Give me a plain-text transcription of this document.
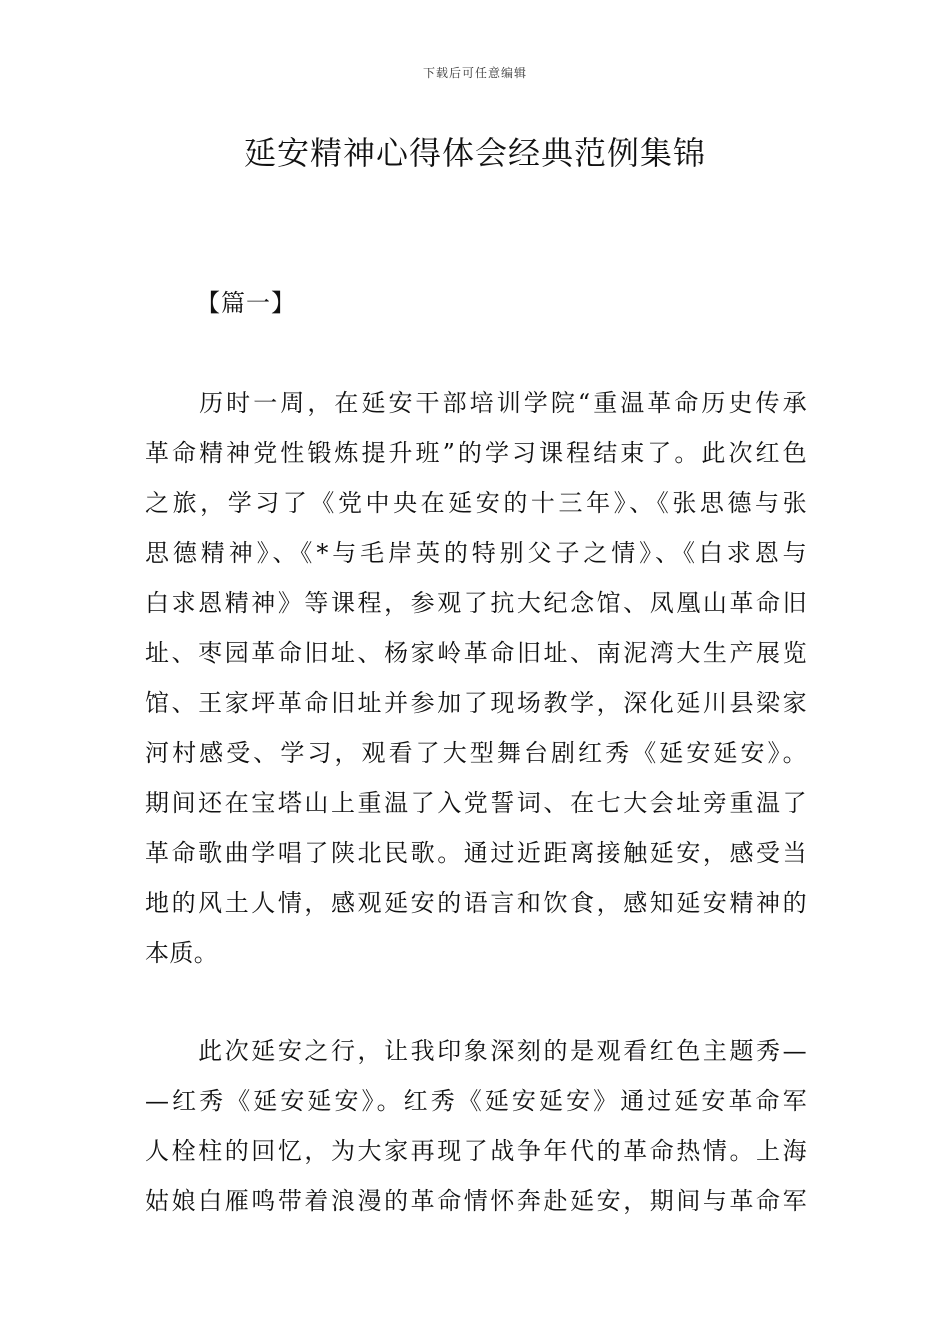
下载后可任意编辑
延安精神心得体会经典范例集锦
【篇一】
　　历时一周，在延安干部培训学院“重温革命历史传承
革命精神党性锻炼提升班”的学习课程结束了。此次红色
之旅，学习了《党中央在延安的十三年》、《张思德与张
思德精神》、《*与毛岸英的特别父子之情》、《白求恩与
白求恩精神》等课程，参观了抗大纪念馆、凤凰山革命旧
址、枣园革命旧址、杨家岭革命旧址、南泥湾大生产展览
馆、王家坪革命旧址并参加了现场教学，深化延川县梁家
河村感受、学习，观看了大型舞台剧红秀《延安延安》。
期间还在宝塔山上重温了入党誓词、在七大会址旁重温了
革命歌曲学唱了陕北民歌。通过近距离接触延安，感受当
地的风土人情，感观延安的语言和饮食，感知延安精神的
本质。
　　此次延安之行，让我印象深刻的是观看红色主题秀—
—红秀《延安延安》。红秀《延安延安》通过延安革命军
人栓柱的回忆，为大家再现了战争年代的革命热情。上海
姑娘白雁鸣带着浪漫的革命情怀奔赴延安，期间与革命军
